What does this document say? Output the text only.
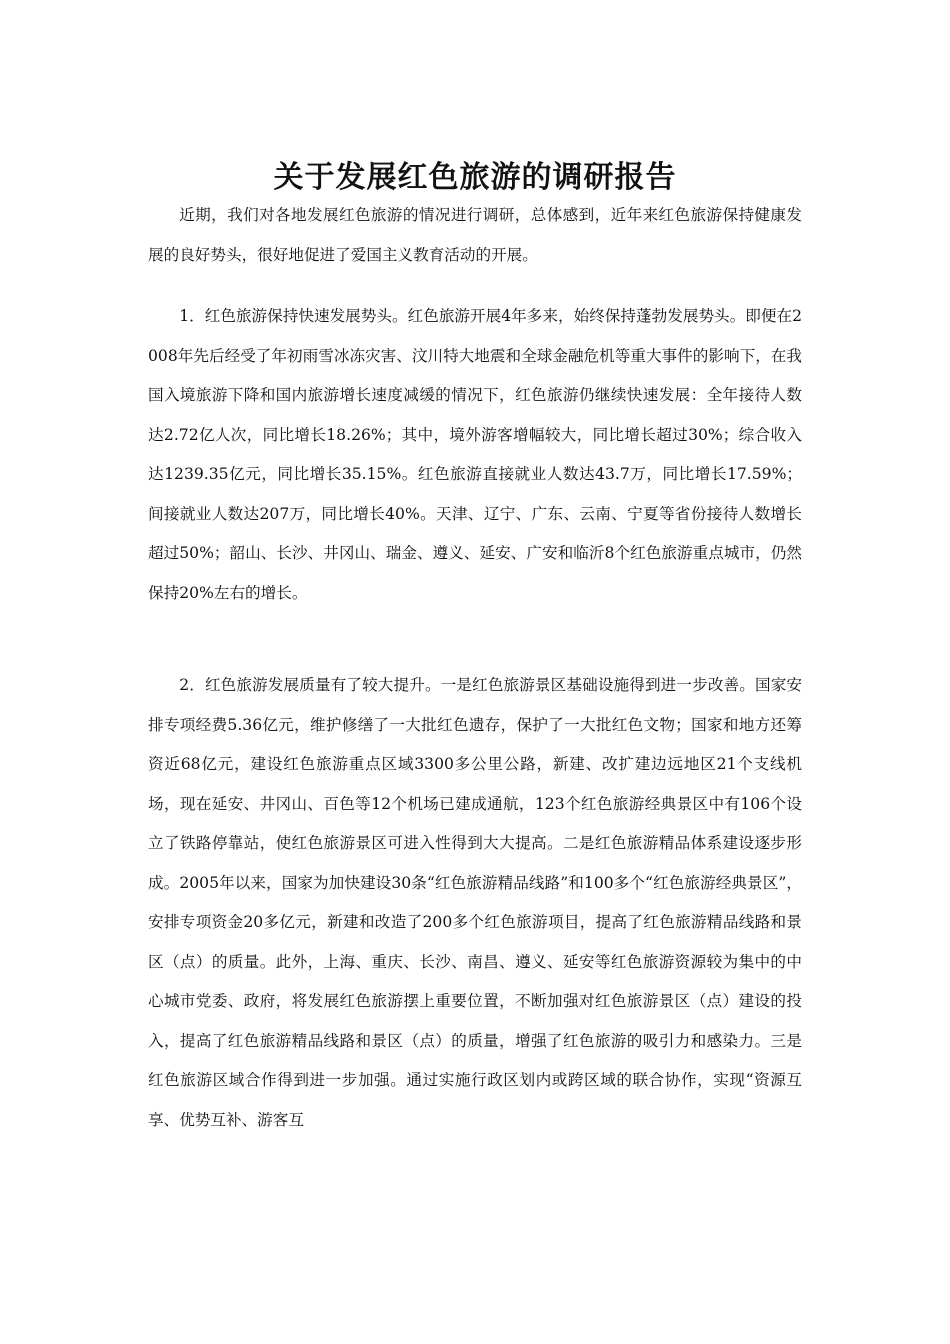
关于发展红色旅游的调研报告

近期，我们对各地发展红色旅游的情况进行调研，总体感到，近年来红色旅游保持健康发展的良好势头，很好地促进了爱国主义教育活动的开展。

1．红色旅游保持快速发展势头。红色旅游开展4年多来，始终保持蓬勃发展势头。即便在2008年先后经受了年初雨雪冰冻灾害、汶川特大地震和全球金融危机等重大事件的影响下，在我国入境旅游下降和国内旅游增长速度减缓的情况下，红色旅游仍继续快速发展：全年接待人数达2.72亿人次，同比增长18.26%；其中，境外游客增幅较大，同比增长超过30%；综合收入达1239.35亿元，同比增长35.15%。红色旅游直接就业人数达43.7万，同比增长17.59%；间接就业人数达207万，同比增长40%。天津、辽宁、广东、云南、宁夏等省份接待人数增长超过50%；韶山、长沙、井冈山、瑞金、遵义、延安、广安和临沂8个红色旅游重点城市，仍然保持20%左右的增长。

2．红色旅游发展质量有了较大提升。一是红色旅游景区基础设施得到进一步改善。国家安排专项经费5.36亿元，维护修缮了一大批红色遗存，保护了一大批红色文物；国家和地方还筹资近68亿元，建设红色旅游重点区域3300多公里公路，新建、改扩建边远地区21个支线机场，现在延安、井冈山、百色等12个机场已建成通航，123个红色旅游经典景区中有106个设立了铁路停靠站，使红色旅游景区可进入性得到大大提高。二是红色旅游精品体系建设逐步形成。2005年以来，国家为加快建设30条“红色旅游精品线路”和100多个“红色旅游经典景区”，安排专项资金20多亿元，新建和改造了200多个红色旅游项目，提高了红色旅游精品线路和景区（点）的质量。此外，上海、重庆、长沙、南昌、遵义、延安等红色旅游资源较为集中的中心城市党委、政府，将发展红色旅游摆上重要位置，不断加强对红色旅游景区（点）建设的投入，提高了红色旅游精品线路和景区（点）的质量，增强了红色旅游的吸引力和感染力。三是红色旅游区域合作得到进一步加强。通过实施行政区划内或跨区域的联合协作，实现“资源互享、优势互补、游客互
